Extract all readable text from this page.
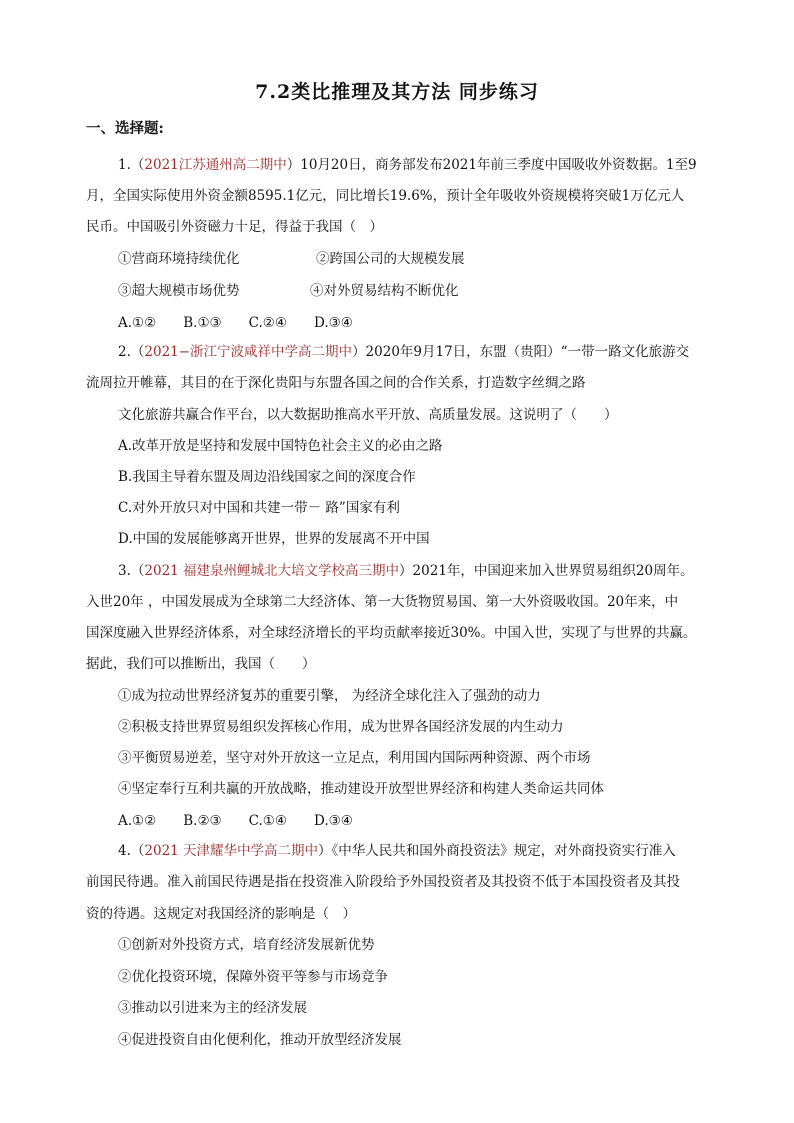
7.2类比推理及其方法 同步练习
一、选择题:
1.（2021江苏通州高二期中）10月20日，商务部发布2021年前三季度中国吸收外资数据。1至9
月，全国实际使用外资金额8595.1亿元，同比增长19.6%，预计全年吸收外资规模将突破1万亿元人
民币。中国吸引外资磁力十足，得益于我国（　）
①营商环境持续优化	②跨国公司的大规模发展
③超大规模市场优势	④对外贸易结构不断优化
A.①②　　B.①③　　C.②④　　D.③④
2.（2021−浙江宁波咸祥中学高二期中）2020年9月17日，东盟（贵阳）“一带一路文化旅游交
流周拉开帷幕，其目的在于深化贵阳与东盟各国之间的合作关系，打造数字丝绸之路
文化旅游共赢合作平台，以大数据助推高水平开放、高质量发展。这说明了（　　）
A.改革开放是坚持和发展中国特色社会主义的必由之路
B.我国主导着东盟及周边沿线国家之间的深度合作
C.对外开放只对中国和共建一带－ 路”国家有利
D.中国的发展能够离开世界，世界的发展离不开中国
3.（2021 福建泉州鲤城北大培文学校高三期中）2021年，中国迎来加入世界贸易组织20周年。
入世20年 ，中国发展成为全球第二大经济体、第一大货物贸易国、第一大外资吸收国。20年来，中
国深度融入世界经济体系，对全球经济增长的平均贡献率接近30%。中国入世，实现了与世界的共赢。
据此，我们可以推断出，我国（　　）
①成为拉动世界经济复苏的重要引擎， 为经济全球化注入了强劲的动力
②积极支持世界贸易组织发挥核心作用，成为世界各国经济发展的内生动力
③平衡贸易逆差，坚守对外开放这一立足点，利用国内国际两种资源、两个市场
④坚定奉行互利共赢的开放战略，推动建设开放型世界经济和构建人类命运共同体
A.①②　　B.②③　　C.①④　　D.③④
4.（2021 天津耀华中学高二期中）《中华人民共和国外商投资法》规定，对外商投资实行准入
前国民待遇。准入前国民待遇是指在投资准入阶段给予外国投资者及其投资不低于本国投资者及其投
资的待遇。这规定对我国经济的影响是（　）
①创新对外投资方式，培育经济发展新优势
②优化投资环境，保障外资平等参与市场竞争
③推动以引进来为主的经济发展
④促进投资自由化便利化，推动开放型经济发展
